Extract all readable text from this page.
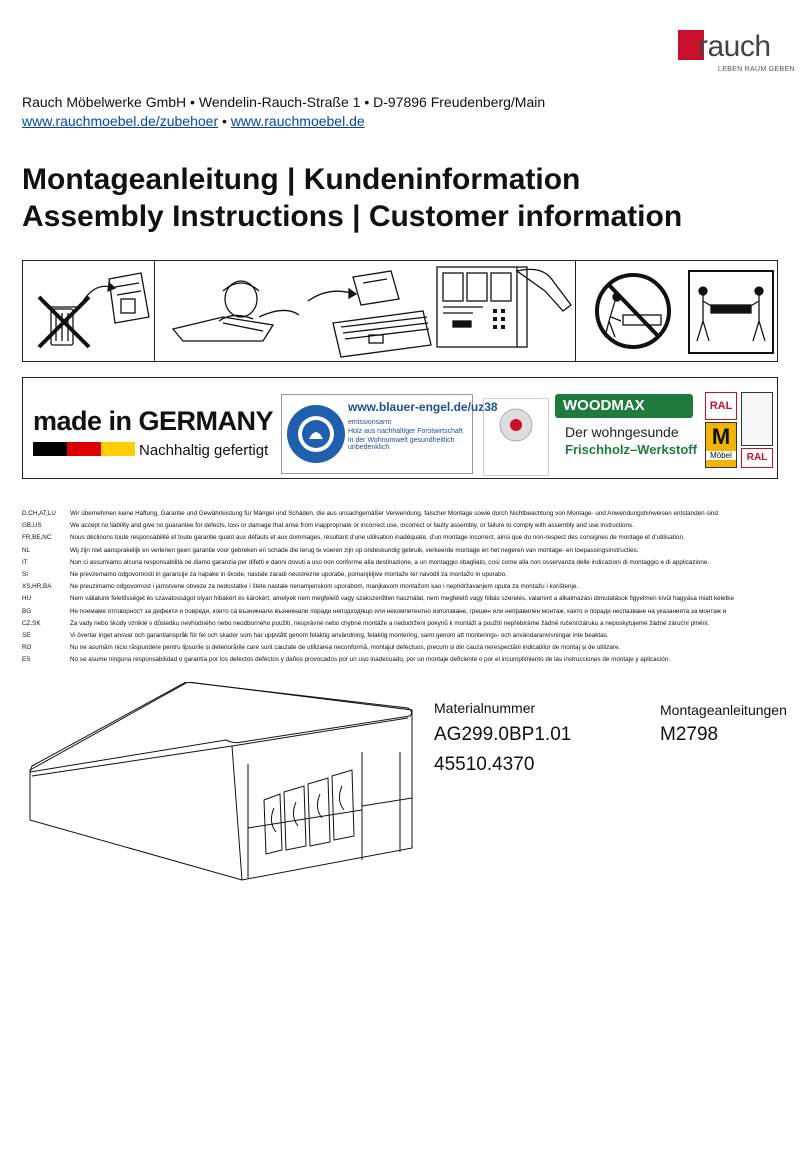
rauch
LEBEN RAUM GEBEN
Rauch Möbelwerke GmbH • Wendelin-Rauch-Straße 1 • D-97896 Freudenberg/Main
www.rauchmoebel.de/zubehoer • www.rauchmoebel.de
Montageanleitung | Kundeninformation
Assembly Instructions | Customer information
made in GERMANY
Nachhaltig gefertigt
www.blauer-engel.de/uz38
emissionsarm
Holz aus nachhaltiger Forstwirtschaft
in der Wohnumwelt gesundheitlich unbedenklich
WOODMAX
Der wohngesunde
Frischholz–Werkstoff
RAL
M
Möbel	RAL
D,CH,AT,LU	Wir übernehmen keine Haftung, Garantie und Gewährleistung für Mängel und Schäden, die aus unsachgemäßer Verwendung, falscher Montage sowie durch Nichtbeachtung von Montage- und Anwendungshinweisen entstanden sind.
GB,US	We accept no liability and give no guarantee for defects, loss or damage that arise from inappropriate or incorrect use, incorrect or faulty assembly, or failure to comply with assembly and use instructions.
FR,BE,NC	Nous déclinons toute responsabilité et toute garantie quant aux défauts et aux dommages, résultant d’une utilisation inadéquate, d’un montage incorrect, ainsi que du non-respect des consignes de montage et d’utilisation.
NL	Wij zijn niet aansprakelijk en verlenen geen garantie voor gebreken en schade die terug te voeren zijn op ondeskundig gebruik, verkeerde montage en het negeren van montage- en toepassingsinstructies.
IT	Non ci assumiamo alcuna responsabilità né diamo garanzia per difetti e danni dovuti a uso non conforme alla destinazione, a un montaggio sbagliato, così come alla non osservanza delle indicazioni di montaggio e di applicazione.
SI	Ne prevzemamo odgovornosti in garancije za napake in škode, nastale zaradi neustrezne uporabe, pomanjkljive montaže ter navodil za montažo in uporabo.
XS,HR,BA	Ne preuzimamo odgovornost i jamstvene obveze za nedostatke i štete nastale nenamjenskom uporabom, manjkavom montažom kao i nepridržavanjem uputa za montažu i korištenje.
HU	Nem vállalunk felelősséget és szavatosságot olyan hibákért és károkért, amelyek nem megfelelő vagy szakszerűtlen használat, nem megfelelő vagy hibás szerelés, valamint a alkalmazási útmutatások figyelmen kívül hagyása miatt keletke
BG	Не поемаме отговорност за дефекти и повреди, които са възникнали възникнали поради неподходящо или некомпетентно използване, грешен или неправилен монтаж, както и поради неспазване на указанията за монтаж и
CZ,SK	Za vady nebo škody vzniklé v důsledku nevhodného nebo neodborného použití, nesprávné nebo chybné montáže a nedodržení pokynů k montáži a použití nepřebíráme žádné ručení/záruku a neposkytujeme žádné záruční plnění.
SE	Vi övertar inget ansvar och garantianspråk för fel och skador som har uppstått genom felaktig användning, felaktig montering, samt genom att monterings- och användaranvisningar inte beaktas.
RO	Nu ne asumăm nicio răspundere pentru lipsurile și deteriorările care sunt cauzate de utilizarea neconformă, montajul defectuos, precum și din cauza nerespectării indicațiilor de montaj și de utilizare.
ES	No se asume ninguna responsabilidad o garantía por los defectos defectos y daños provocados por un uso inadecuado, por un montaje deficiente o por el incumplimiento de las instrucciones de montaje y aplicación.
Materialnummer
AG299.0BP1.01
45510.4370
Montageanleitungen
M2798
